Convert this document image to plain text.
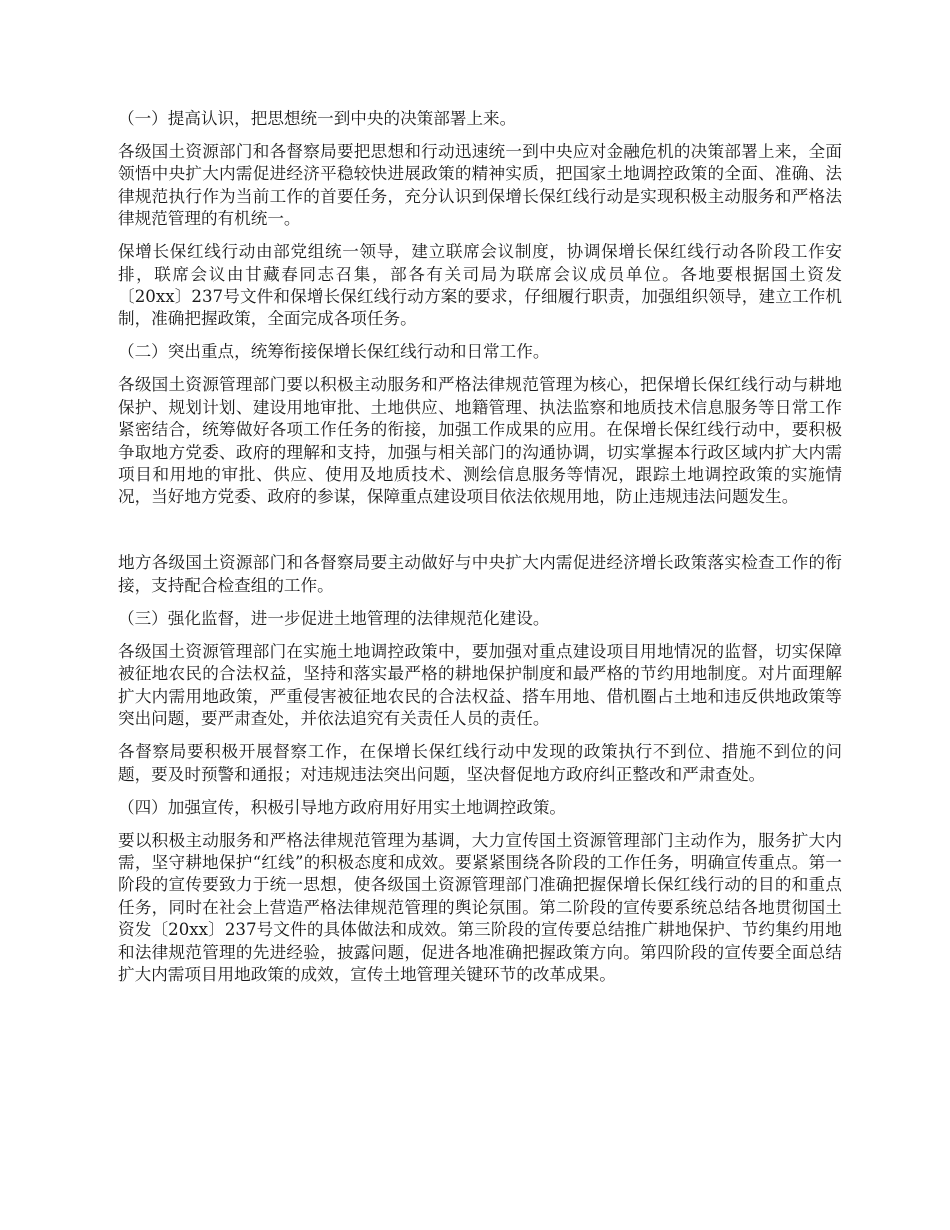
（一）提高认识，把思想统一到中央的决策部署上来。

各级国土资源部门和各督察局要把思想和行动迅速统一到中央应对金融危机的决策部署上来，全面领悟中央扩大内需促进经济平稳较快进展政策的精神实质，把国家土地调控政策的全面、准确、法律规范执行作为当前工作的首要任务，充分认识到保增长保红线行动是实现积极主动服务和严格法律规范管理的有机统一。

保增长保红线行动由部党组统一领导，建立联席会议制度，协调保增长保红线行动各阶段工作安排，联席会议由甘藏春同志召集，部各有关司局为联席会议成员单位。各地要根据国土资发〔20xx〕237号文件和保增长保红线行动方案的要求，仔细履行职责，加强组织领导，建立工作机制，准确把握政策，全面完成各项任务。

（二）突出重点，统筹衔接保增长保红线行动和日常工作。

各级国土资源管理部门要以积极主动服务和严格法律规范管理为核心，把保增长保红线行动与耕地保护、规划计划、建设用地审批、土地供应、地籍管理、执法监察和地质技术信息服务等日常工作紧密结合，统筹做好各项工作任务的衔接，加强工作成果的应用。在保增长保红线行动中，要积极争取地方党委、政府的理解和支持，加强与相关部门的沟通协调，切实掌握本行政区域内扩大内需项目和用地的审批、供应、使用及地质技术、测绘信息服务等情况，跟踪土地调控政策的实施情况，当好地方党委、政府的参谋，保障重点建设项目依法依规用地，防止违规违法问题发生。

地方各级国土资源部门和各督察局要主动做好与中央扩大内需促进经济增长政策落实检查工作的衔接，支持配合检查组的工作。

（三）强化监督，进一步促进土地管理的法律规范化建设。

各级国土资源管理部门在实施土地调控政策中，要加强对重点建设项目用地情况的监督，切实保障被征地农民的合法权益，坚持和落实最严格的耕地保护制度和最严格的节约用地制度。对片面理解扩大内需用地政策，严重侵害被征地农民的合法权益、搭车用地、借机圈占土地和违反供地政策等突出问题，要严肃查处，并依法追究有关责任人员的责任。

各督察局要积极开展督察工作，在保增长保红线行动中发现的政策执行不到位、措施不到位的问题，要及时预警和通报；对违规违法突出问题，坚决督促地方政府纠正整改和严肃查处。

（四）加强宣传，积极引导地方政府用好用实土地调控政策。

要以积极主动服务和严格法律规范管理为基调，大力宣传国土资源管理部门主动作为，服务扩大内需，坚守耕地保护“红线”的积极态度和成效。要紧紧围绕各阶段的工作任务，明确宣传重点。第一阶段的宣传要致力于统一思想，使各级国土资源管理部门准确把握保增长保红线行动的目的和重点任务，同时在社会上营造严格法律规范管理的舆论氛围。第二阶段的宣传要系统总结各地贯彻国土资发〔20xx〕237号文件的具体做法和成效。第三阶段的宣传要总结推广耕地保护、节约集约用地和法律规范管理的先进经验，披露问题，促进各地准确把握政策方向。第四阶段的宣传要全面总结扩大内需项目用地政策的成效，宣传土地管理关键环节的改革成果。
